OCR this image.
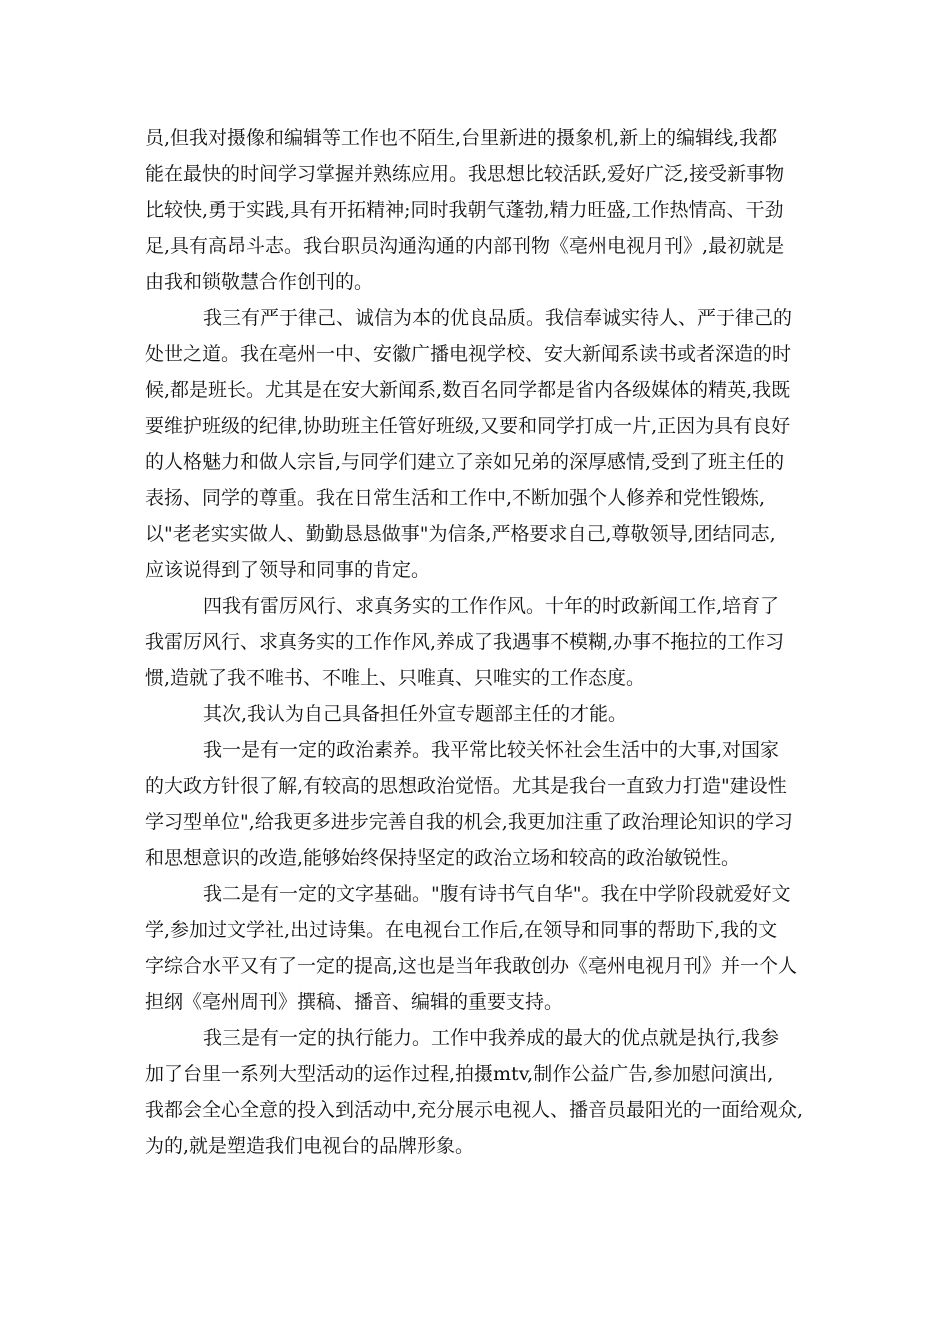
员,但我对摄像和编辑等工作也不陌生,台里新进的摄象机,新上的编辑线,我都
能在最快的时间学习掌握并熟练应用。我思想比较活跃,爱好广泛,接受新事物
比较快,勇于实践,具有开拓精神;同时我朝气蓬勃,精力旺盛,工作热情高、干劲
足,具有高昂斗志。我台职员沟通沟通的内部刊物《亳州电视月刊》,最初就是
由我和锁敬慧合作创刊的。
我三有严于律己、诚信为本的优良品质。我信奉诚实待人、严于律己的
处世之道。我在亳州一中、安徽广播电视学校、安大新闻系读书或者深造的时
候,都是班长。尤其是在安大新闻系,数百名同学都是省内各级媒体的精英,我既
要维护班级的纪律,协助班主任管好班级,又要和同学打成一片,正因为具有良好
的人格魅力和做人宗旨,与同学们建立了亲如兄弟的深厚感情,受到了班主任的
表扬、同学的尊重。我在日常生活和工作中,不断加强个人修养和党性锻炼,
以"老老实实做人、勤勤恳恳做事"为信条,严格要求自己,尊敬领导,团结同志,
应该说得到了领导和同事的肯定。
四我有雷厉风行、求真务实的工作作风。十年的时政新闻工作,培育了
我雷厉风行、求真务实的工作作风,养成了我遇事不模糊,办事不拖拉的工作习
惯,造就了我不唯书、不唯上、只唯真、只唯实的工作态度。
其次,我认为自己具备担任外宣专题部主任的才能。
我一是有一定的政治素养。我平常比较关怀社会生活中的大事,对国家
的大政方针很了解,有较高的思想政治觉悟。尤其是我台一直致力打造"建设性
学习型单位",给我更多进步完善自我的机会,我更加注重了政治理论知识的学习
和思想意识的改造,能够始终保持坚定的政治立场和较高的政治敏锐性。
我二是有一定的文字基础。"腹有诗书气自华"。我在中学阶段就爱好文
学,参加过文学社,出过诗集。在电视台工作后,在领导和同事的帮助下,我的文
字综合水平又有了一定的提高,这也是当年我敢创办《亳州电视月刊》并一个人
担纲《亳州周刊》撰稿、播音、编辑的重要支持。
我三是有一定的执行能力。工作中我养成的最大的优点就是执行,我参
加了台里一系列大型活动的运作过程,拍摄mtv,制作公益广告,参加慰问演出,
我都会全心全意的投入到活动中,充分展示电视人、播音员最阳光的一面给观众,
为的,就是塑造我们电视台的品牌形象。
